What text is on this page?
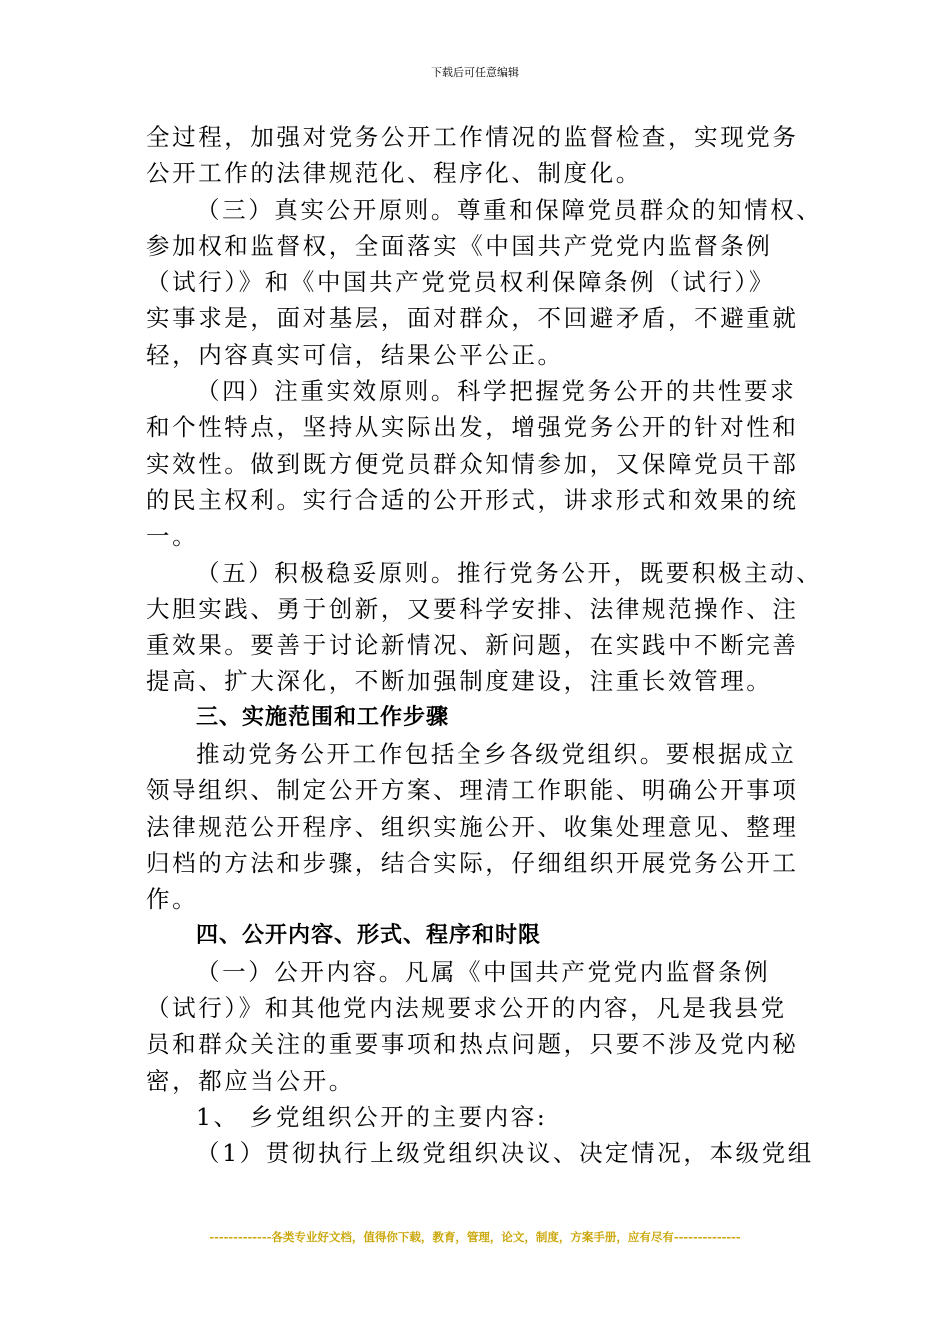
下载后可任意编辑
全过程，加强对党务公开工作情况的监督检查，实现党务
公开工作的法律规范化、程序化、制度化。
（三）真实公开原则。尊重和保障党员群众的知情权、
参加权和监督权，全面落实《中国共产党党内监督条例
（试行）》和《中国共产党党员权利保障条例（试行）》
实事求是，面对基层，面对群众，不回避矛盾，不避重就
轻，内容真实可信，结果公平公正。
（四）注重实效原则。科学把握党务公开的共性要求
和个性特点，坚持从实际出发，增强党务公开的针对性和
实效性。做到既方便党员群众知情参加，又保障党员干部
的民主权利。实行合适的公开形式，讲求形式和效果的统
一。
（五）积极稳妥原则。推行党务公开，既要积极主动、
大胆实践、勇于创新，又要科学安排、法律规范操作、注
重效果。要善于讨论新情况、新问题，在实践中不断完善
提高、扩大深化，不断加强制度建设，注重长效管理。
三、实施范围和工作步骤
推动党务公开工作包括全乡各级党组织。要根据成立
领导组织、制定公开方案、理清工作职能、明确公开事项
法律规范公开程序、组织实施公开、收集处理意见、整理
归档的方法和步骤，结合实际，仔细组织开展党务公开工
作。
四、公开内容、形式、程序和时限
（一）公开内容。凡属《中国共产党党内监督条例
（试行）》和其他党内法规要求公开的内容，凡是我县党
员和群众关注的重要事项和热点问题，只要不涉及党内秘
密，都应当公开。
1、 乡党组织公开的主要内容:
（1）贯彻执行上级党组织决议、决定情况，本级党组
-------------各类专业好文档，值得你下载，教育，管理，论文，制度，方案手册，应有尽有--------------
